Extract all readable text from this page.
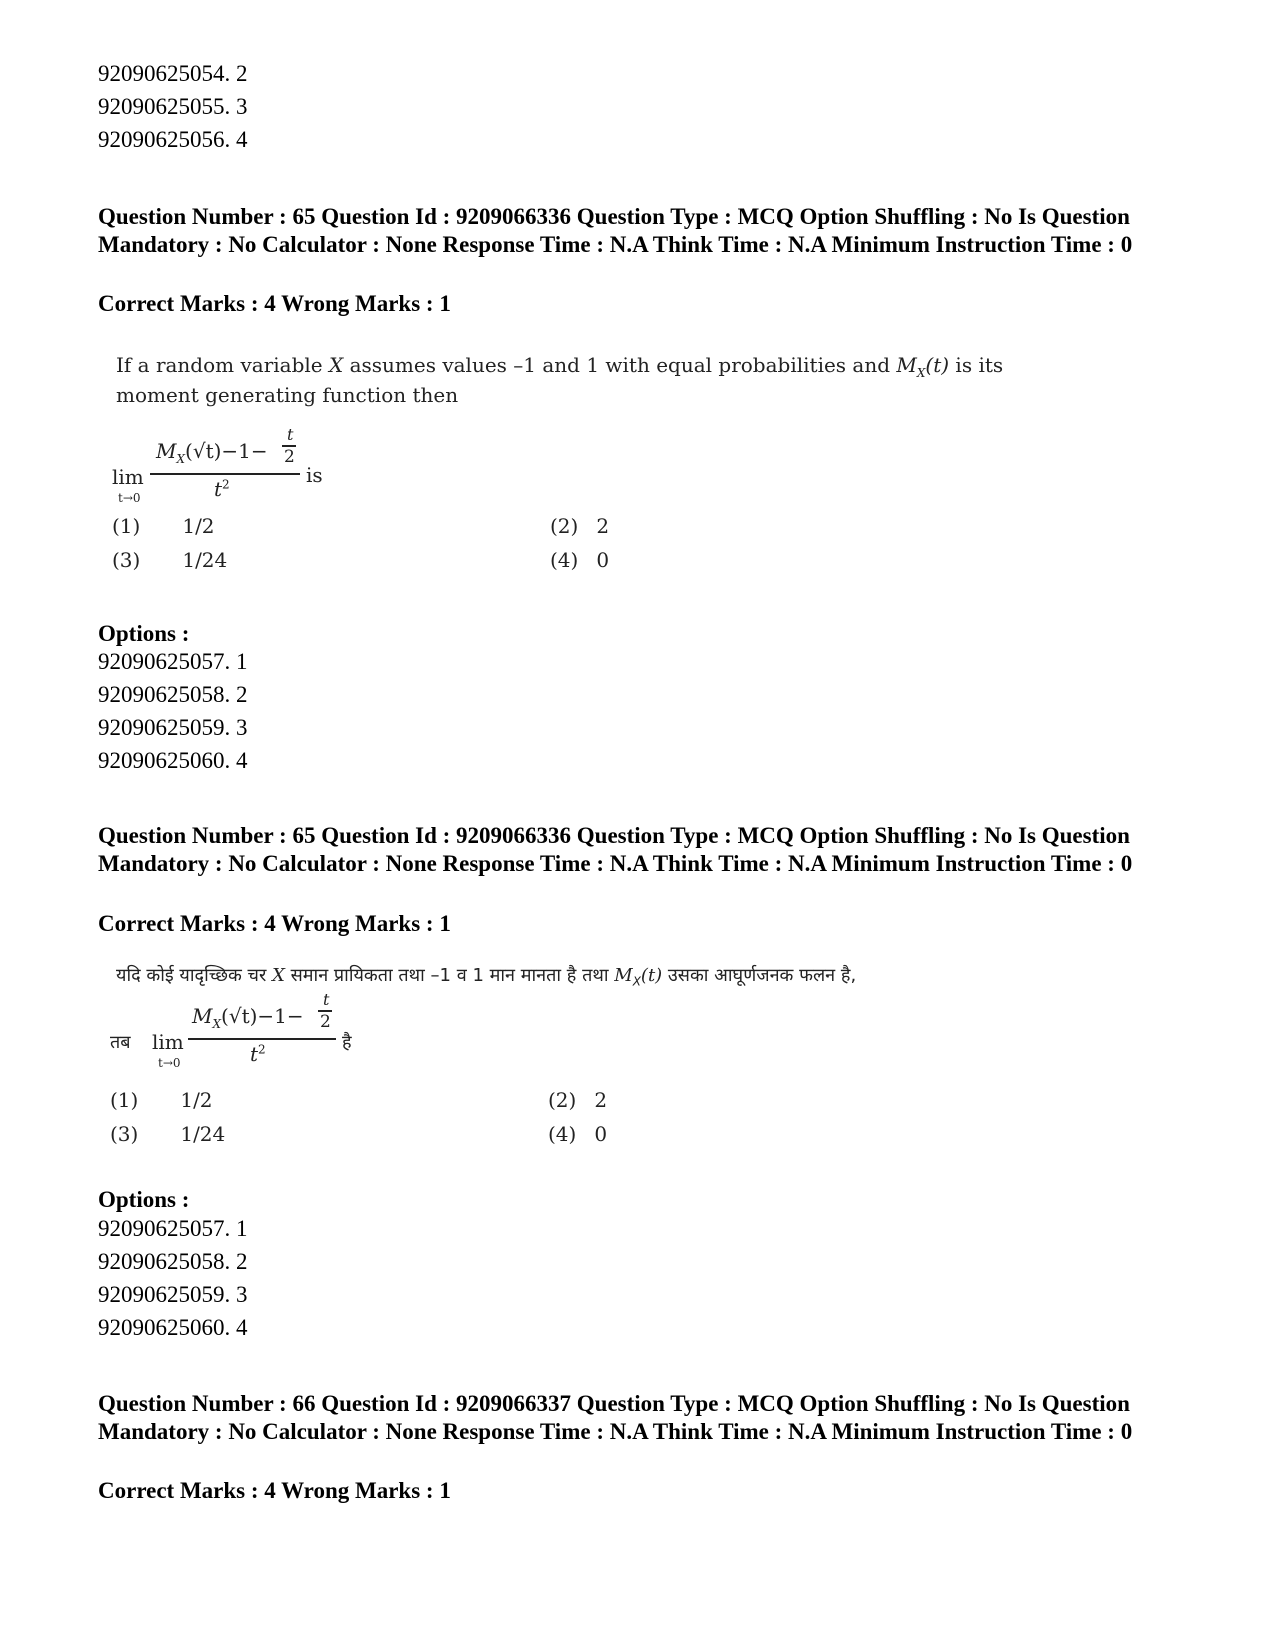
92090625054. 2
92090625055. 3
92090625056. 4
Question Number : 65 Question Id : 9209066336 Question Type : MCQ Option Shuffling : No Is Question Mandatory : No Calculator : None Response Time : N.A Think Time : N.A Minimum Instruction Time : 0
Correct Marks : 4 Wrong Marks : 1
If a random variable X assumes values –1 and 1 with equal probabilities and $M_X(t)$ is its
moment generating function then
lim
t→0
$M_X(√t)-1-$
t
2
$t^2$	is
(1) 1/2	(2) 2
(3) 1/24	(4) 0
Options :
92090625057. 1
92090625058. 2
92090625059. 3
92090625060. 4
Question Number : 65 Question Id : 9209066336 Question Type : MCQ Option Shuffling : No Is Question Mandatory : No Calculator : None Response Time : N.A Think Time : N.A Minimum Instruction Time : 0
Correct Marks : 4 Wrong Marks : 1
यदि कोई यादृच्छिक चर X समान प्रायिकता तथा –1 व 1 मान मानता है तथा $M_X(t)$ उसका आघूर्णजनक फलन है,
तब lim
t→0
$M_X(√t)-1-$
t
2
$t^2$	है
(1) 1/2	(2) 2
(3) 1/24	(4) 0
Options :
92090625057. 1
92090625058. 2
92090625059. 3
92090625060. 4
Question Number : 66 Question Id : 9209066337 Question Type : MCQ Option Shuffling : No Is Question Mandatory : No Calculator : None Response Time : N.A Think Time : N.A Minimum Instruction Time : 0
Correct Marks : 4 Wrong Marks : 1
